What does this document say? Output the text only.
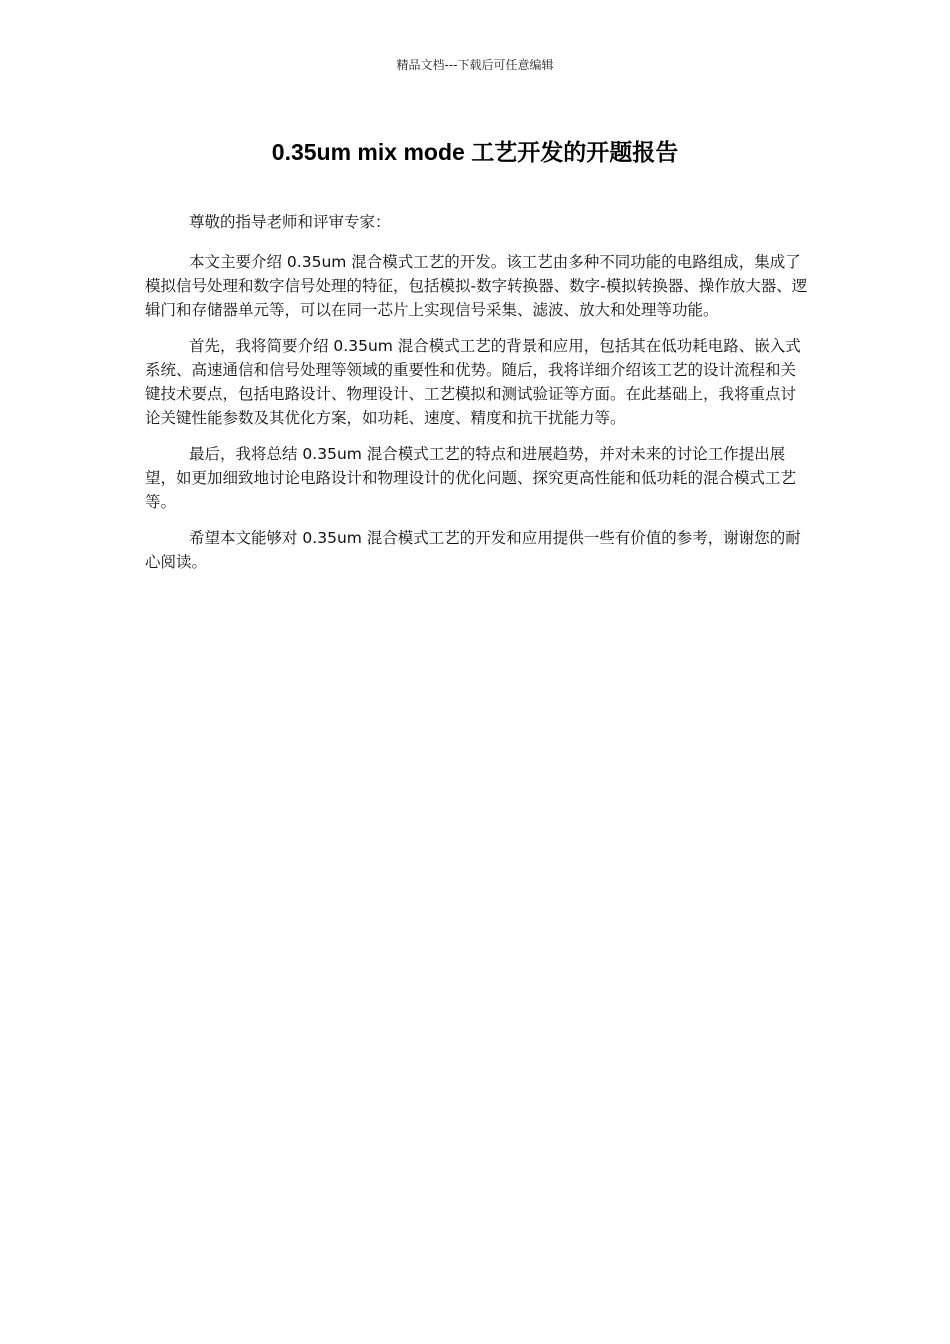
精品文档---下载后可任意编辑
0.35um mix mode 工艺开发的开题报告

尊敬的指导老师和评审专家：

本文主要介绍 0.35um 混合模式工艺的开发。该工艺由多种不同功能的电路组成，集成了模拟信号处理和数字信号处理的特征，包括模拟-数字转换器、数字-模拟转换器、操作放大器、逻辑门和存储器单元等，可以在同一芯片上实现信号采集、滤波、放大和处理等功能。

首先，我将简要介绍 0.35um 混合模式工艺的背景和应用，包括其在低功耗电路、嵌入式系统、高速通信和信号处理等领域的重要性和优势。随后，我将详细介绍该工艺的设计流程和关键技术要点，包括电路设计、物理设计、工艺模拟和测试验证等方面。在此基础上，我将重点讨论关键性能参数及其优化方案，如功耗、速度、精度和抗干扰能力等。

最后，我将总结 0.35um 混合模式工艺的特点和进展趋势，并对未来的讨论工作提出展望，如更加细致地讨论电路设计和物理设计的优化问题、探究更高性能和低功耗的混合模式工艺等。

希望本文能够对 0.35um 混合模式工艺的开发和应用提供一些有价值的参考，谢谢您的耐心阅读。
